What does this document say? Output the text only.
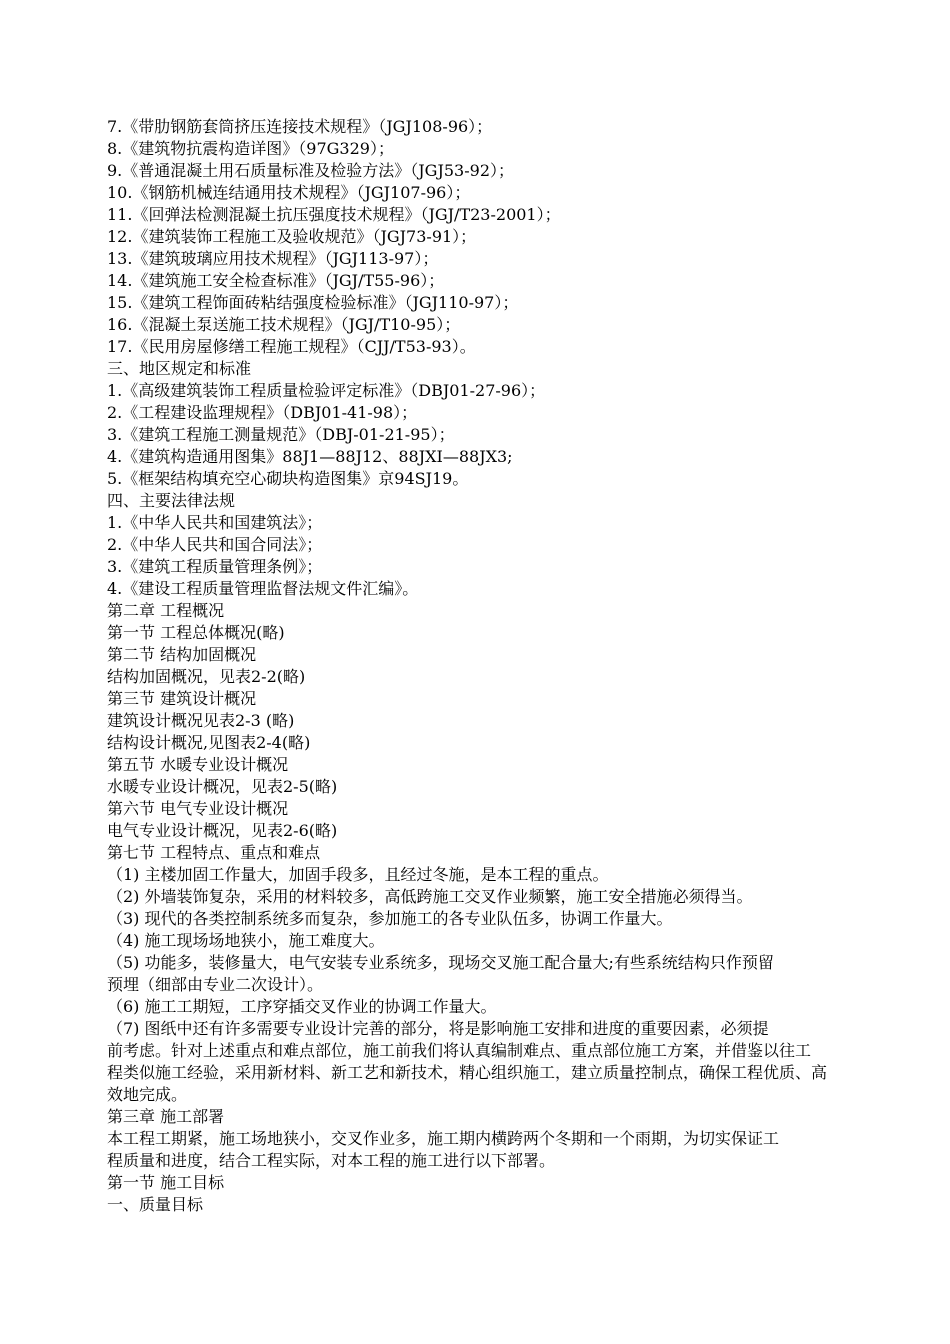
7.《带肋钢筋套筒挤压连接技术规程》（JGJ108-96）；
8.《建筑物抗震构造详图》（97G329）；
9.《普通混凝土用石质量标准及检验方法》（JGJ53-92）；
10.《钢筋机械连结通用技术规程》（JGJ107-96）；
11.《回弹法检测混凝土抗压强度技术规程》（JGJ/T23-2001）；
12.《建筑装饰工程施工及验收规范》（JGJ73-91）；
13.《建筑玻璃应用技术规程》（JGJ113-97）；
14.《建筑施工安全检查标准》（JGJ/T55-96）；
15.《建筑工程饰面砖粘结强度检验标准》（JGJ110-97）；
16.《混凝土泵送施工技术规程》（JGJ/T10-95）；
17.《民用房屋修缮工程施工规程》（CJJ/T53-93）。
三、地区规定和标准
1.《高级建筑装饰工程质量检验评定标准》（DBJ01-27-96）；
2.《工程建设监理规程》（DBJ01-41-98）；
3.《建筑工程施工测量规范》（DBJ-01-21-95）；
4.《建筑构造通用图集》88J1—88J12、88JXI—88JX3;
5.《框架结构填充空心砌块构造图集》京94SJ19。
四、主要法律法规
1.《中华人民共和国建筑法》；
2.《中华人民共和国合同法》；
3.《建筑工程质量管理条例》；
4.《建设工程质量管理监督法规文件汇编》。
第二章 工程概况
第一节 工程总体概况(略)
第二节 结构加固概况
结构加固概况，见表2-2(略)
第三节 建筑设计概况
建筑设计概况见表2-3 (略)
结构设计概况,见图表2-4(略)
第五节 水暖专业设计概况
水暖专业设计概况，见表2-5(略)
第六节 电气专业设计概况
电气专业设计概况，见表2-6(略)
第七节 工程特点、重点和难点
（1) 主楼加固工作量大，加固手段多，且经过冬施，是本工程的重点。
（2) 外墙装饰复杂，采用的材料较多，高低跨施工交叉作业频繁，施工安全措施必须得当。
（3) 现代的各类控制系统多而复杂，参加施工的各专业队伍多，协调工作量大。
（4) 施工现场场地狭小，施工难度大。
（5) 功能多，装修量大，电气安装专业系统多，现场交叉施工配合量大;有些系统结构只作预留
预埋（细部由专业二次设计）。
（6) 施工工期短，工序穿插交叉作业的协调工作量大。
（7) 图纸中还有许多需要专业设计完善的部分，将是影响施工安排和进度的重要因素，必须提
前考虑。针对上述重点和难点部位，施工前我们将认真编制难点、重点部位施工方案，并借鉴以往工
程类似施工经验，采用新材料、新工艺和新技术，精心组织施工，建立质量控制点，确保工程优质、高
效地完成。
第三章 施工部署
本工程工期紧，施工场地狭小，交叉作业多，施工期内横跨两个冬期和一个雨期，为切实保证工
程质量和进度，结合工程实际，对本工程的施工进行以下部署。
第一节 施工目标
一、质量目标
